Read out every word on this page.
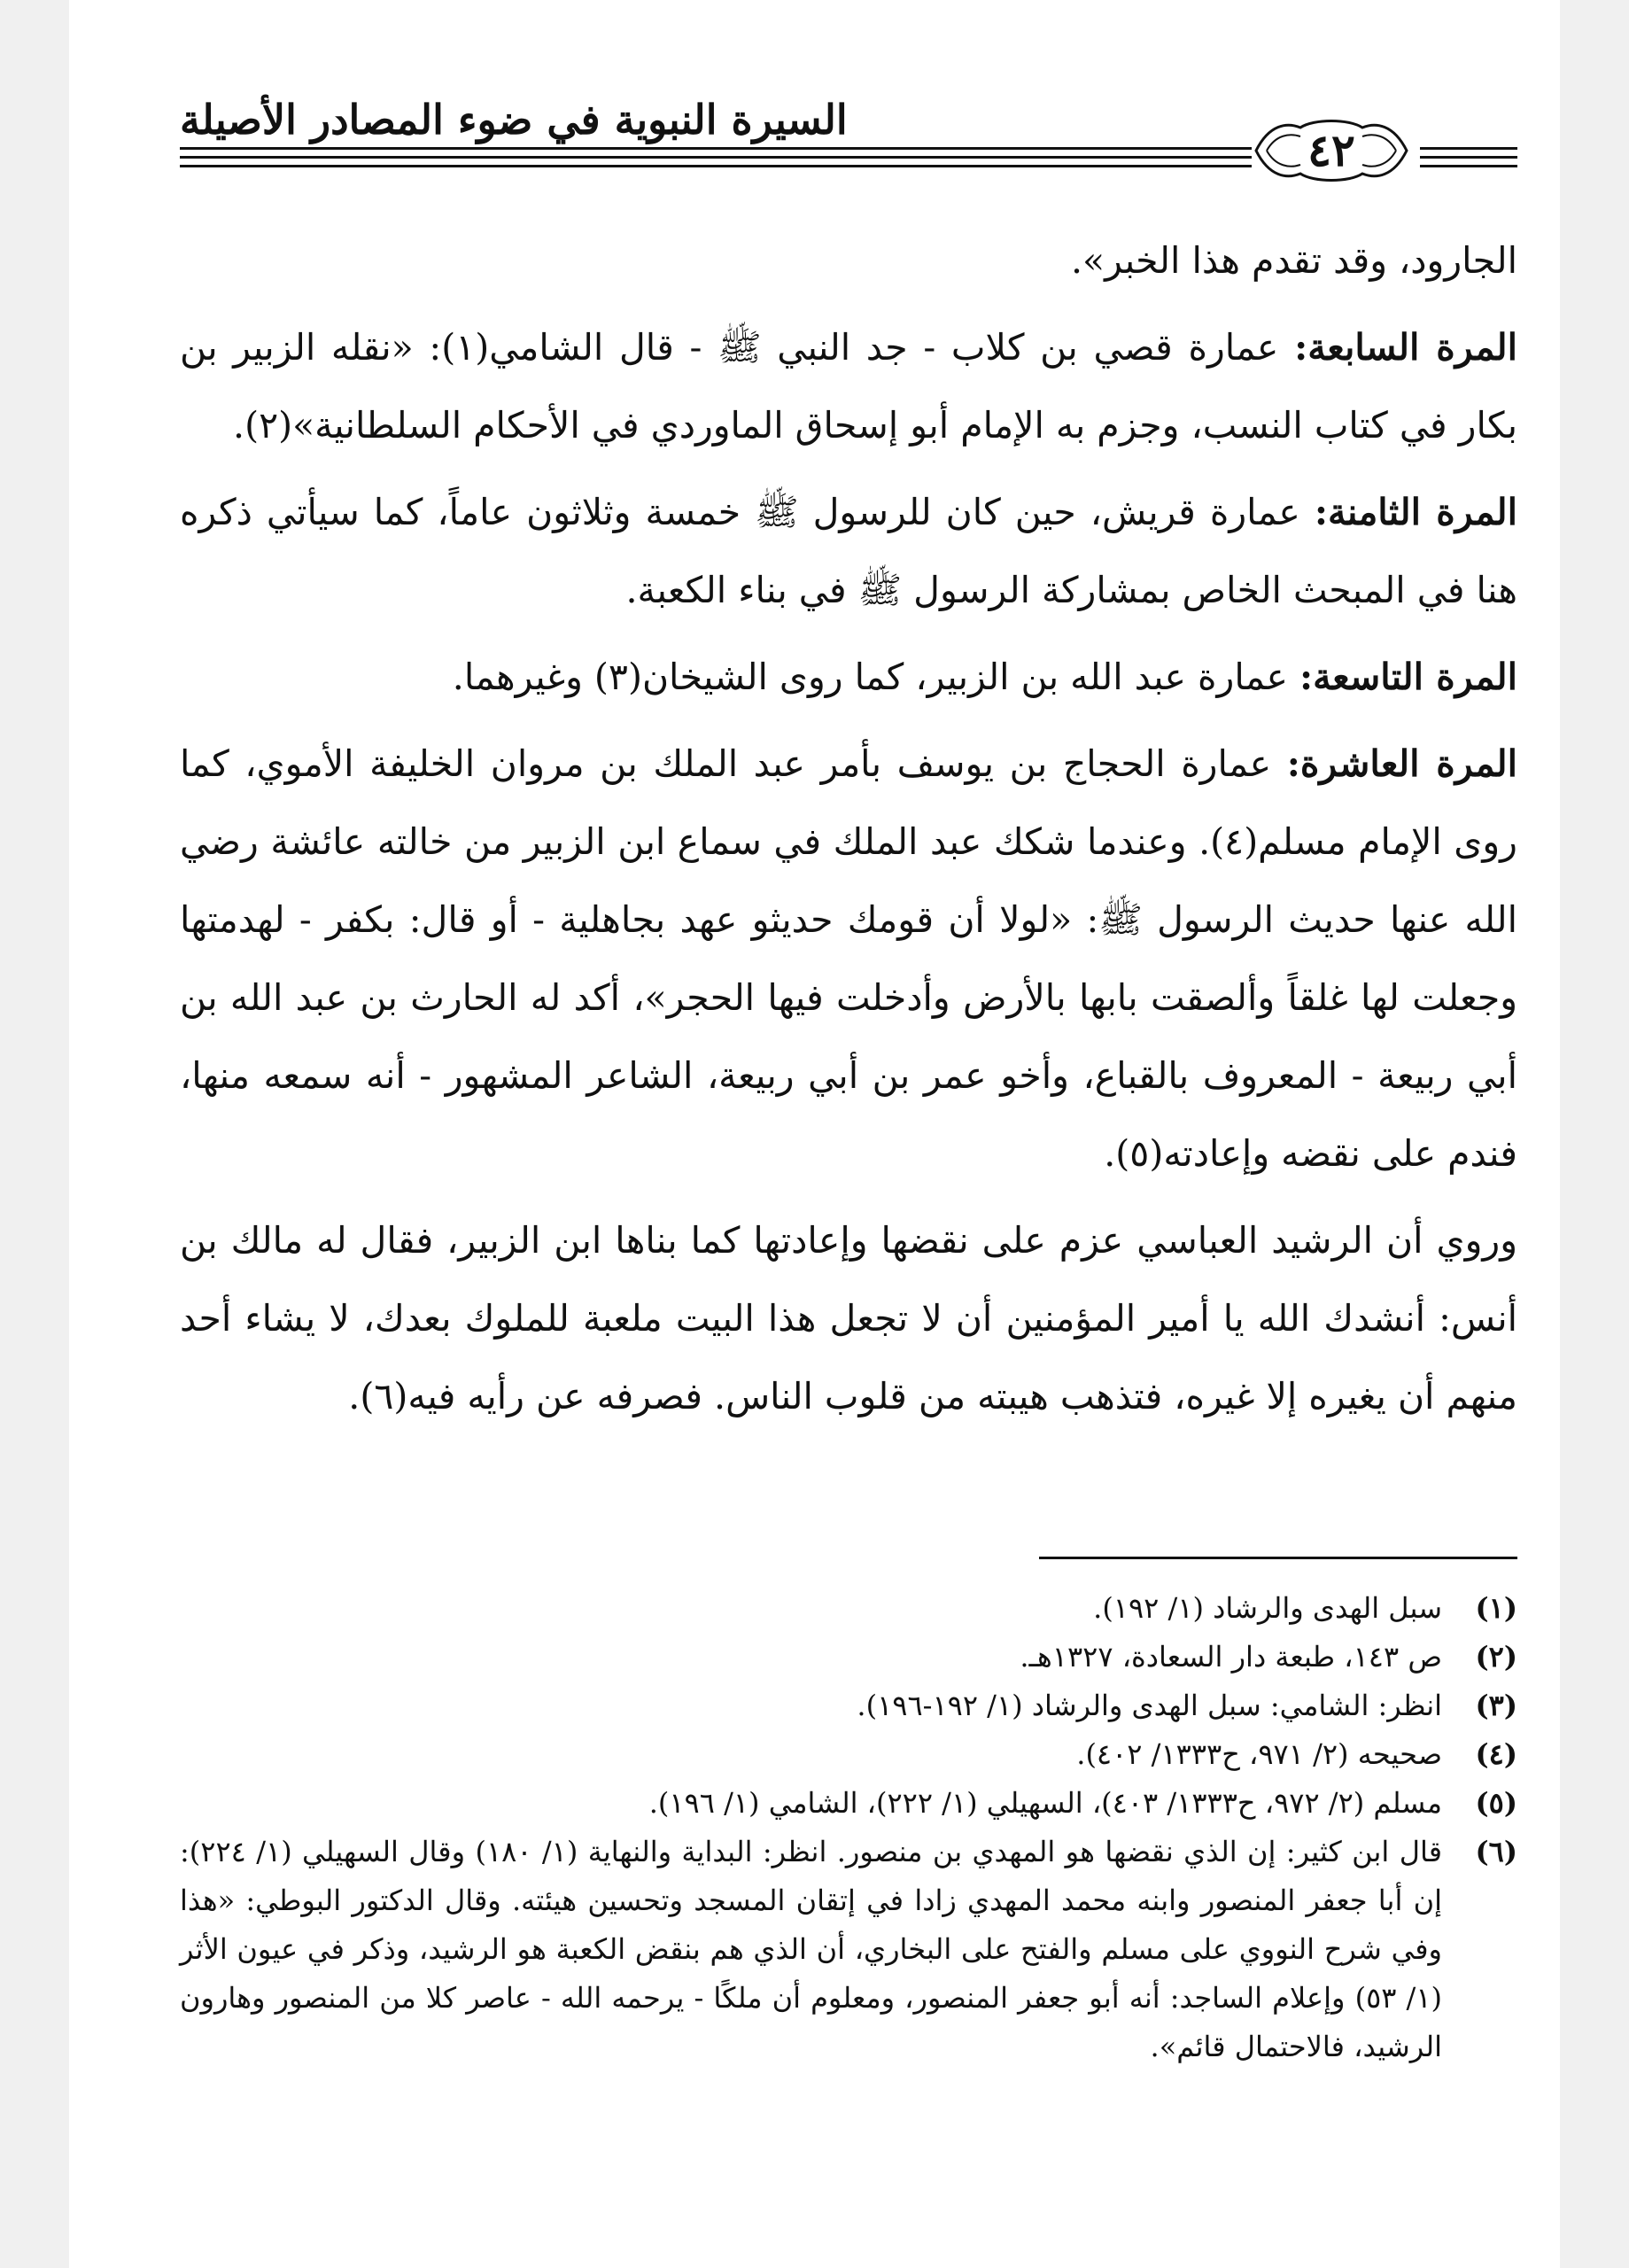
السيرة النبوية في ضوء المصادر الأصيلة
٤٢

الجارود، وقد تقدم هذا الخبر».

المرة السابعة: عمارة قصي بن كلاب - جد النبي ﷺ - قال الشامي(١): «نقله الزبير بن بكار في كتاب النسب، وجزم به الإمام أبو إسحاق الماوردي في الأحكام السلطانية»(٢).

المرة الثامنة: عمارة قريش، حين كان للرسول ﷺ خمسة وثلاثون عاماً، كما سيأتي ذكره هنا في المبحث الخاص بمشاركة الرسول ﷺ في بناء الكعبة.

المرة التاسعة: عمارة عبد الله بن الزبير، كما روى الشيخان(٣) وغيرهما.

المرة العاشرة: عمارة الحجاج بن يوسف بأمر عبد الملك بن مروان الخليفة الأموي، كما روى الإمام مسلم(٤). وعندما شكك عبد الملك في سماع ابن الزبير من خالته عائشة رضي الله عنها حديث الرسول ﷺ: «لولا أن قومك حديثو عهد بجاهلية - أو قال: بكفر - لهدمتها وجعلت لها غلقاً وألصقت بابها بالأرض وأدخلت فيها الحجر»، أكد له الحارث بن عبد الله بن أبي ربيعة - المعروف بالقباع، وأخو عمر بن أبي ربيعة، الشاعر المشهور - أنه سمعه منها، فندم على نقضه وإعادته(٥).

وروي أن الرشيد العباسي عزم على نقضها وإعادتها كما بناها ابن الزبير، فقال له مالك بن أنس: أنشدك الله يا أمير المؤمنين أن لا تجعل هذا البيت ملعبة للملوك بعدك، لا يشاء أحد منهم أن يغيره إلا غيره، فتذهب هيبته من قلوب الناس. فصرفه عن رأيه فيه(٦).

(١)
سبل الهدى والرشاد (١/ ١٩٢).

(٢)
ص ١٤٣، طبعة دار السعادة، ١٣٢٧هـ.

(٣)
انظر: الشامي: سبل الهدى والرشاد (١/ ١٩٢-١٩٦).

(٤)
صحيحه (٢/ ٩٧١، ح١٣٣٣/ ٤٠٢).

(٥)
مسلم (٢/ ٩٧٢، ح١٣٣٣/ ٤٠٣)، السهيلي (١/ ٢٢٢)، الشامي (١/ ١٩٦).

(٦)
قال ابن كثير: إن الذي نقضها هو المهدي بن منصور. انظر: البداية والنهاية (١/ ١٨٠) وقال السهيلي (١/ ٢٢٤): إن أبا جعفر المنصور وابنه محمد المهدي زادا في إتقان المسجد وتحسين هيئته. وقال الدكتور البوطي: «هذا وفي شرح النووي على مسلم والفتح على البخاري، أن الذي هم بنقض الكعبة هو الرشيد، وذكر في عيون الأثر (١/ ٥٣) وإعلام الساجد: أنه أبو جعفر المنصور، ومعلوم أن ملكًا - يرحمه الله - عاصر كلا من المنصور وهارون الرشيد، فالاحتمال قائم».
